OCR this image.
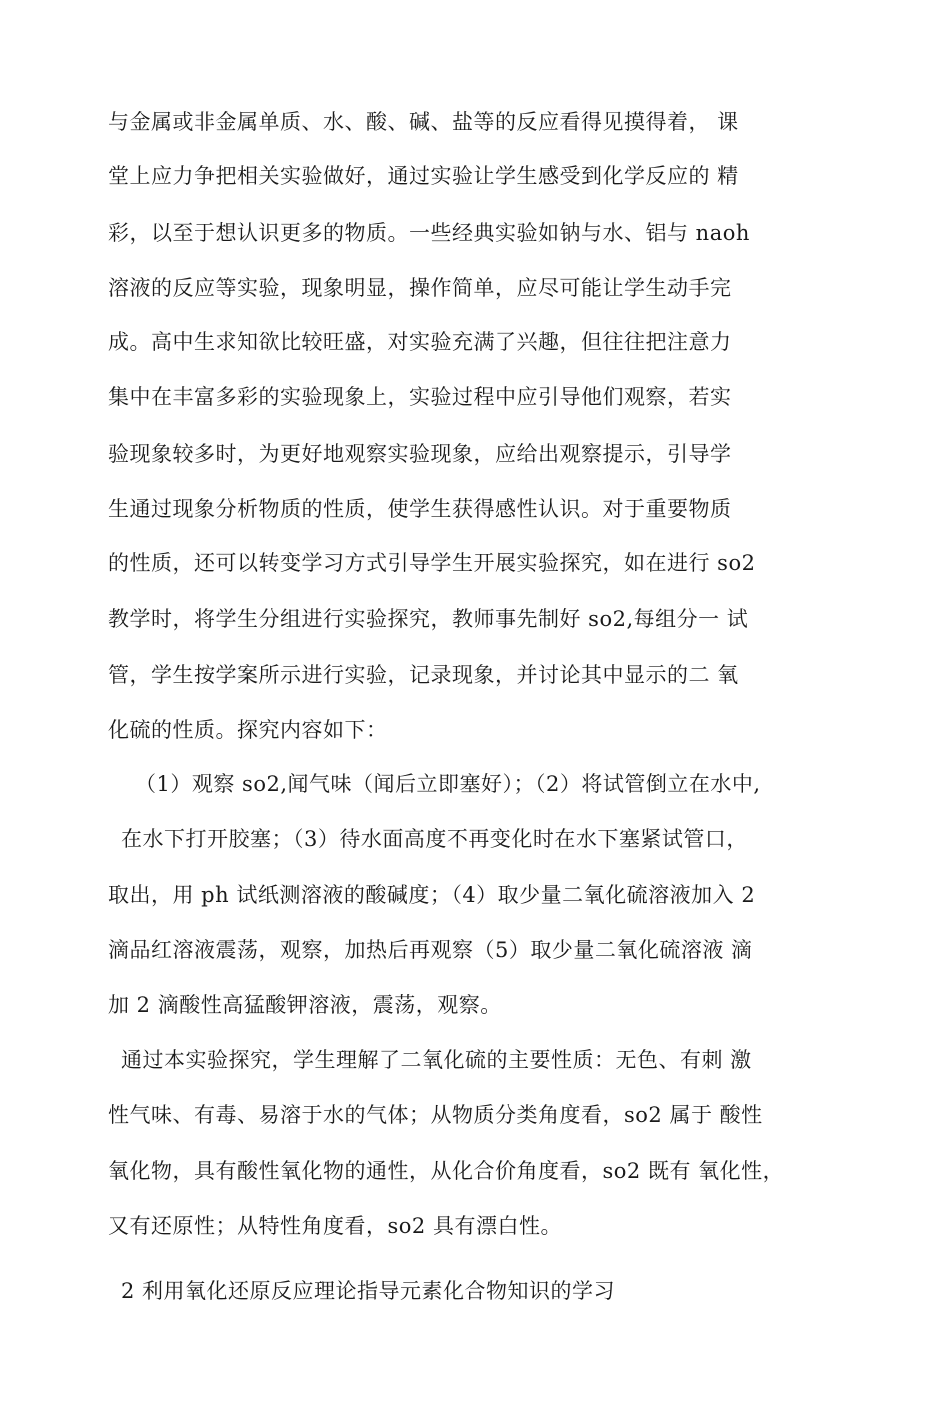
与金属或非金属单质、水、酸、碱、盐等的反应看得见摸得着， 课
堂上应力争把相关实验做好，通过实验让学生感受到化学反应的 精
彩，以至于想认识更多的物质。一些经典实验如钠与水、铝与 naoh
溶液的反应等实验，现象明显，操作简单，应尽可能让学生动手完
成。高中生求知欲比较旺盛，对实验充满了兴趣，但往往把注意力
集中在丰富多彩的实验现象上，实验过程中应引导他们观察，若实
验现象较多时，为更好地观察实验现象，应给出观察提示，引导学
生通过现象分析物质的性质，使学生获得感性认识。对于重要物质
的性质，还可以转变学习方式引导学生开展实验探究，如在进行 so2
教学时，将学生分组进行实验探究，教师事先制好 so2,每组分一 试
管，学生按学案所示进行实验，记录现象，并讨论其中显示的二 氧
化硫的性质。探究内容如下：
（1）观察 so2,闻气味（闻后立即塞好）；（2）将试管倒立在水中,
在水下打开胶塞；（3）待水面高度不再变化时在水下塞紧试管口，
取出，用 ph 试纸测溶液的酸碱度；（4）取少量二氧化硫溶液加入 2
滴品红溶液震荡，观察，加热后再观察（5）取少量二氧化硫溶液 滴
加 2 滴酸性高猛酸钾溶液，震荡，观察。
通过本实验探究，学生理解了二氧化硫的主要性质：无色、有刺 激
性气味、有毒、易溶于水的气体；从物质分类角度看，so2 属于 酸性
氧化物，具有酸性氧化物的通性，从化合价角度看，so2 既有 氧化性，
又有还原性；从特性角度看，so2 具有漂白性。
2 利用氧化还原反应理论指导元素化合物知识的学习
